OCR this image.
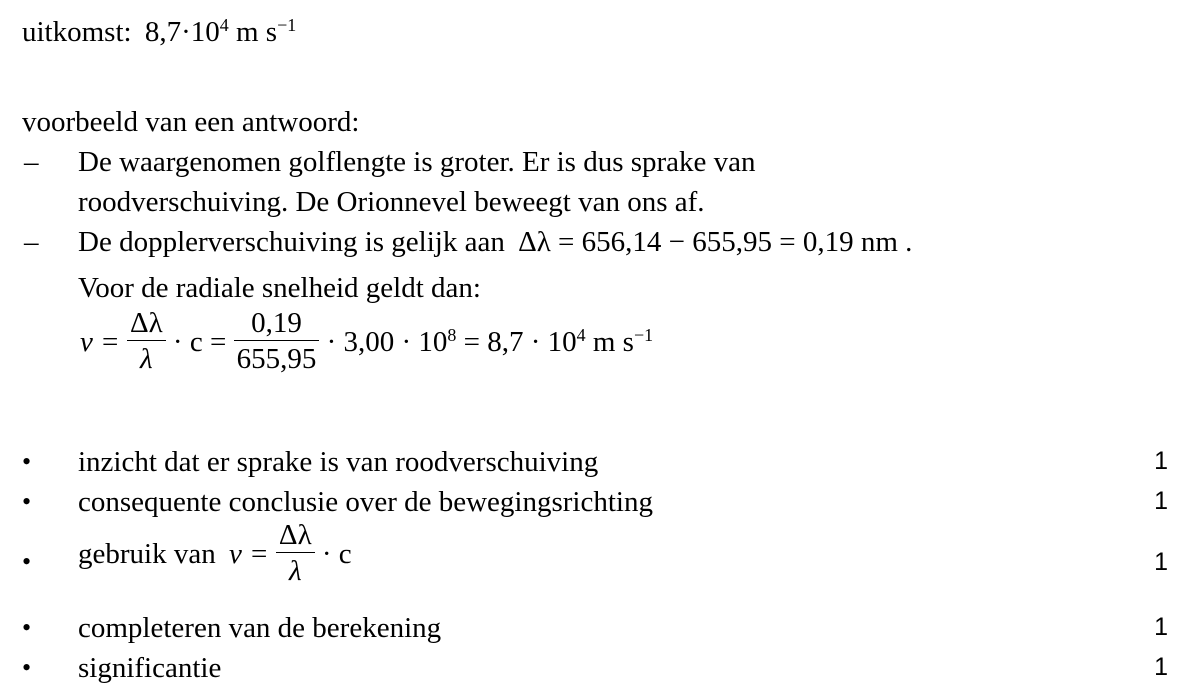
uitkomst: $8,7\cdot 10^4$ m $s^{-1}$
voorbeeld van een antwoord:
– De waargenomen golflengte is groter. Er is dus sprake van
roodverschuiving. De Orionnevel beweegt van ons af.
– De dopplerverschuiving is gelijk aan Δλ = 656,14 − 655,95 = 0,19 nm .
Voor de radiale snelheid geldt dan:
$v = \frac{\Delta\lambda}{\lambda} \cdot c = \frac{0,19}{655,95} \cdot 3,00 \cdot 10^8 = 8,7 \cdot 10^4$ m $s^{-1}$
• inzicht dat er sprake is van roodverschuiving	1
• consequente conclusie over de bewegingsrichting	1
• gebruik van $v = \frac{\Delta\lambda}{\lambda} \cdot c$	1
• completeren van de berekening	1
• significantie	1
